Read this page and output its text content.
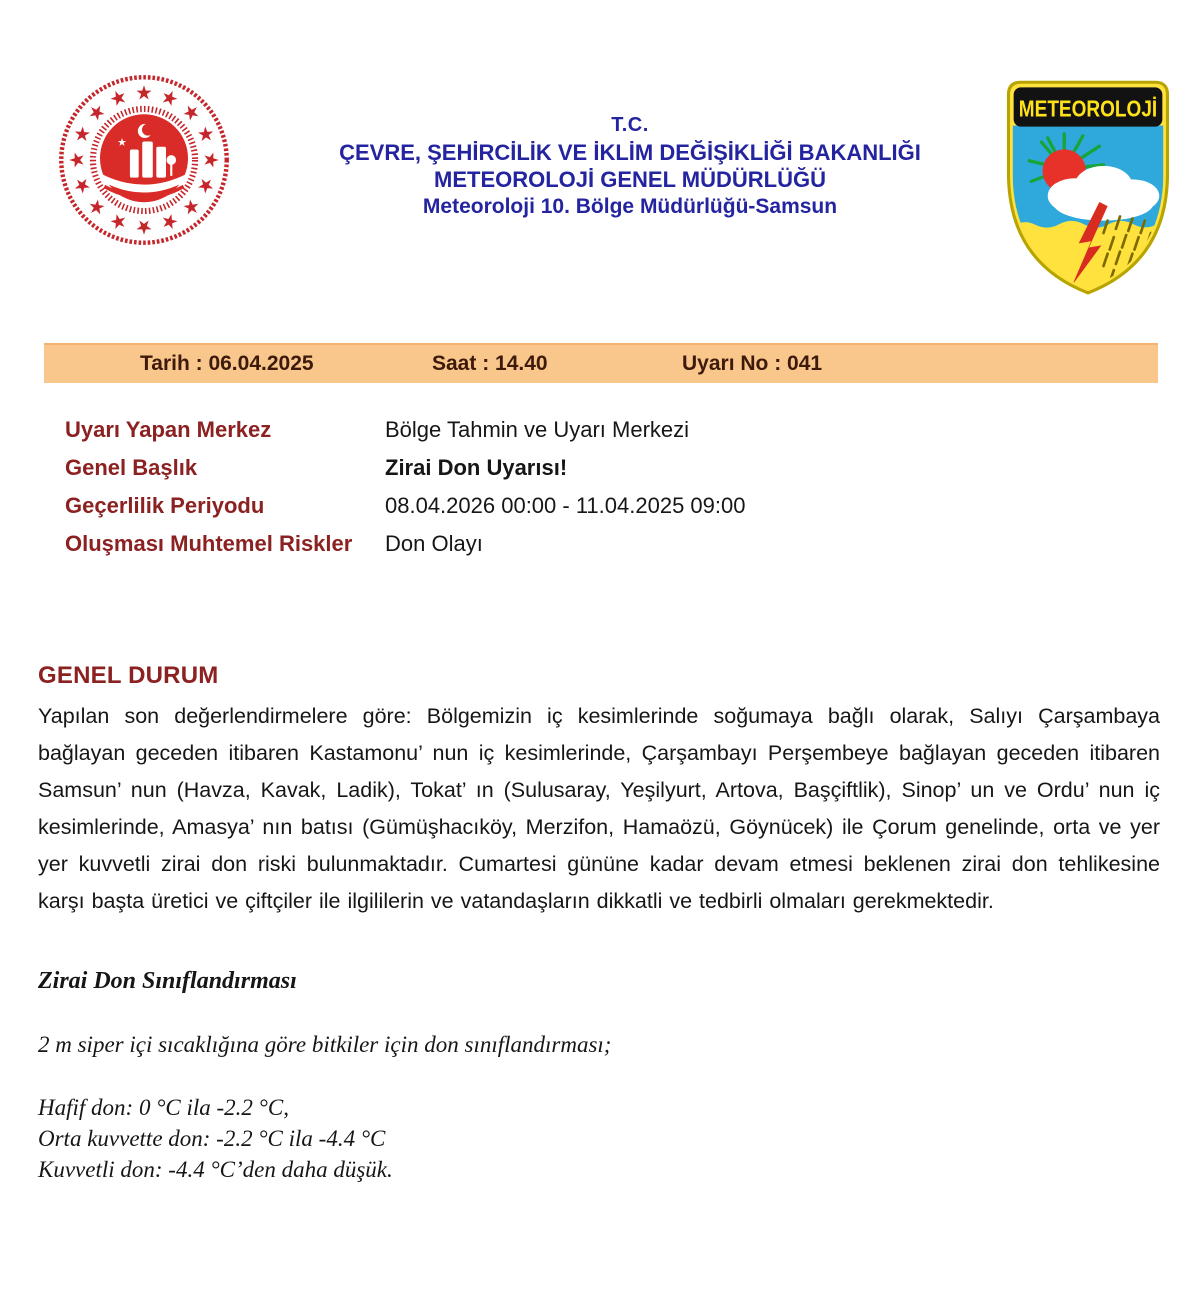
T.C.
ÇEVRE, ŞEHİRCİLİK VE İKLİM DEĞİŞİKLİĞİ BAKANLIĞI
METEOROLOJİ GENEL MÜDÜRLÜĞÜ
Meteoroloji 10. Bölge Müdürlüğü-Samsun
METEOROLOJİ
Tarih : 06.04.2025	Saat : 14.40	Uyarı No : 041
Uyarı Yapan Merkez	Bölge Tahmin ve Uyarı Merkezi
Genel Başlık	Zirai Don Uyarısı!
Geçerlilik Periyodu	08.04.2026 00:00 - 11.04.2025 09:00
Oluşması Muhtemel Riskler	Don Olayı
GENEL DURUM
Yapılan son değerlendirmelere göre: Bölgemizin iç kesimlerinde soğumaya bağlı olarak, Salıyı Çarşambaya bağlayan geceden itibaren Kastamonu’ nun iç kesimlerinde, Çarşambayı Perşembeye bağlayan geceden itibaren Samsun’ nun (Havza, Kavak, Ladik), Tokat’ ın (Sulusaray, Yeşilyurt, Artova, Başçiftlik), Sinop’ un ve Ordu’ nun iç kesimlerinde, Amasya’ nın batısı (Gümüşhacıköy, Merzifon, Hamaözü, Göynücek) ile Çorum genelinde, orta ve yer yer kuvvetli zirai don riski bulunmaktadır. Cumartesi gününe kadar devam etmesi beklenen zirai don tehlikesine karşı başta üretici ve çiftçiler ile ilgililerin ve vatandaşların dikkatli ve tedbirli olmaları gerekmektedir.
Zirai Don Sınıflandırması
2 m siper içi sıcaklığına göre bitkiler için don sınıflandırması;
Hafif don: 0 °C ila -2.2 °C,
Orta kuvvette don: -2.2 °C ila -4.4 °C
Kuvvetli don: -4.4 °C’den daha düşük.
